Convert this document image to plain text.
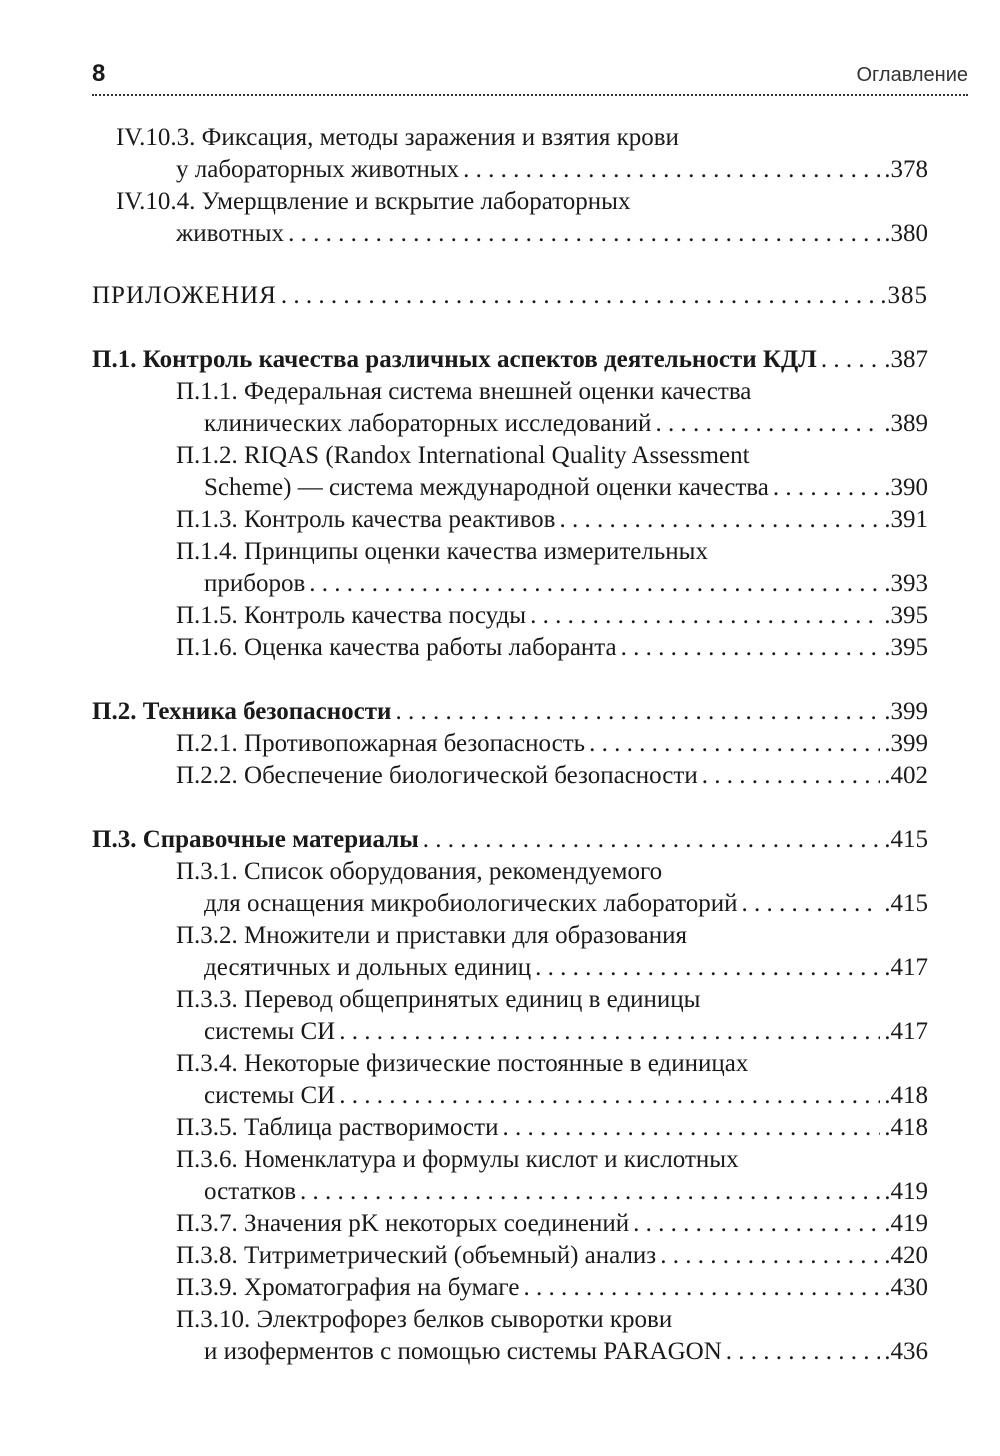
8	Оглавление
IV.10.3. Фиксация, методы заражения и взятия крови
у лабораторных животных . . .	.378
IV.10.4. Умерщвление и вскрытие лабораторных
животных . . .	.380
ПРИЛОЖЕНИЯ . . .	.385
П.1. Контроль качества различных аспектов деятельности КДЛ . . .	.387
П.1.1. Федеральная система внешней оценки качества
клинических лабораторных исследований . . .	.389
П.1.2. RIQAS (Randox International Quality Assessment
Scheme) — система международной оценки качества . . .	.390
П.1.3. Контроль качества реактивов . . .	.391
П.1.4. Принципы оценки качества измерительных
приборов . . .	.393
П.1.5. Контроль качества посуды . . .	.395
П.1.6. Оценка качества работы лаборанта . . .	.395
П.2. Техника безопасности . . .	.399
П.2.1. Противопожарная безопасность . . .	.399
П.2.2. Обеспечение биологической безопасности . . .	.402
П.3. Справочные материалы . . .	.415
П.3.1. Список оборудования, рекомендуемого
для оснащения микробиологических лабораторий . . .	.415
П.3.2. Множители и приставки для образования
десятичных и дольных единиц . . .	.417
П.3.3. Перевод общепринятых единиц в единицы
системы СИ . . .	.417
П.3.4. Некоторые физические постоянные в единицах
системы СИ . . .	.418
П.3.5. Таблица растворимости . . .	.418
П.3.6. Номенклатура и формулы кислот и кислотных
остатков . . .	.419
П.3.7. Значения pK некоторых соединений . . .	.419
П.3.8. Титриметрический (объемный) анализ . . .	.420
П.3.9. Хроматография на бумаге . . .	.430
П.3.10. Электрофорез белков сыворотки крови
и изоферментов с помощью системы PARAGON . . .	.436
